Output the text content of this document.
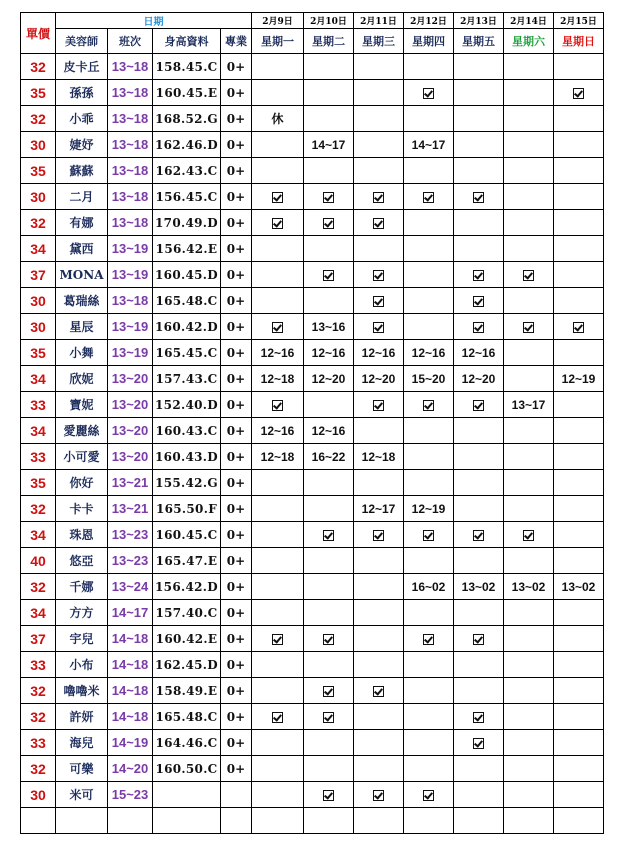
單價	日期				2月9日	2月10日	2月11日	2月12日	2月13日	2月14日	2月15日
	美容師	班次	身高資料	專業	星期一	星期二	星期三	星期四	星期五	星期六	星期日
32	皮卡丘	13~18	158.45.C	0+							
35	孫孫	13~18	160.45.E	0+							
32	小乖	13~18	168.52.G	0+	休						
30	婕妤	13~18	162.46.D	0+		14~17		14~17			
35	蘇蘇	13~18	162.43.C	0+							
30	二月	13~18	156.45.C	0+							
32	有娜	13~18	170.49.D	0+							
34	黛西	13~19	156.42.E	0+							
37	MONA	13~19	160.45.D	0+							
30	葛瑞絲	13~18	165.48.C	0+							
30	星辰	13~19	160.42.D	0+		13~16					
35	小舞	13~19	165.45.C	0+	12~16	12~16	12~16	12~16	12~16		
34	欣妮	13~20	157.43.C	0+	12~18	12~20	12~20	15~20	12~20		12~19
33	寶妮	13~20	152.40.D	0+						13~17	
34	愛麗絲	13~20	160.43.C	0+	12~16	12~16					
33	小可愛	13~20	160.43.D	0+	12~18	16~22	12~18				
35	你好	13~21	155.42.G	0+							
32	卡卡	13~21	165.50.F	0+			12~17	12~19			
34	珠恩	13~23	160.45.C	0+							
40	悠亞	13~23	165.47.E	0+							
32	千娜	13~24	156.42.D	0+				16~02	13~02	13~02	13~02
34	方方	14~17	157.40.C	0+							
37	宇兒	14~18	160.42.E	0+							
33	小布	14~18	162.45.D	0+							
32	嚕嚕米	14~18	158.49.E	0+							
32	許妍	14~18	165.48.C	0+							
33	海兒	14~19	164.46.C	0+							
32	可樂	14~20	160.50.C	0+							
30	米可	15~23									
